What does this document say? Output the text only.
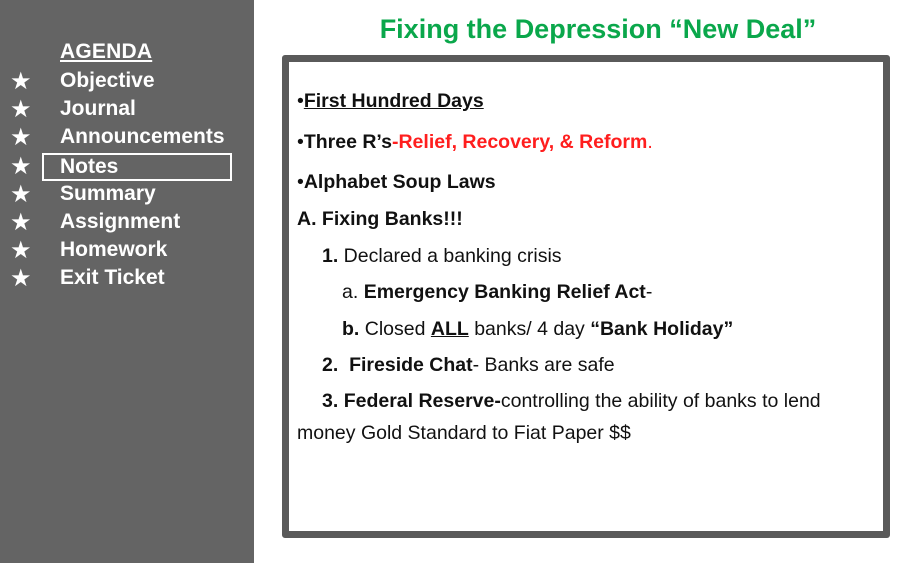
AGENDA
★ Objective
★ Journal
★ Announcements
★	Notes
★ Summary
★ Assignment
★ Homework
★ Exit Ticket
Fixing the Depression “New Deal”
•First Hundred Days
•Three R’s-Relief, Recovery, & Reform.
•Alphabet Soup Laws
A. Fixing Banks!!!
1. Declared a banking crisis
a. Emergency Banking Relief Act-
b. Closed ALL banks/ 4 day “Bank Holiday”
2.  Fireside Chat- Banks are safe
3. Federal Reserve-controlling the ability of banks to lend
money Gold Standard to Fiat Paper $$
